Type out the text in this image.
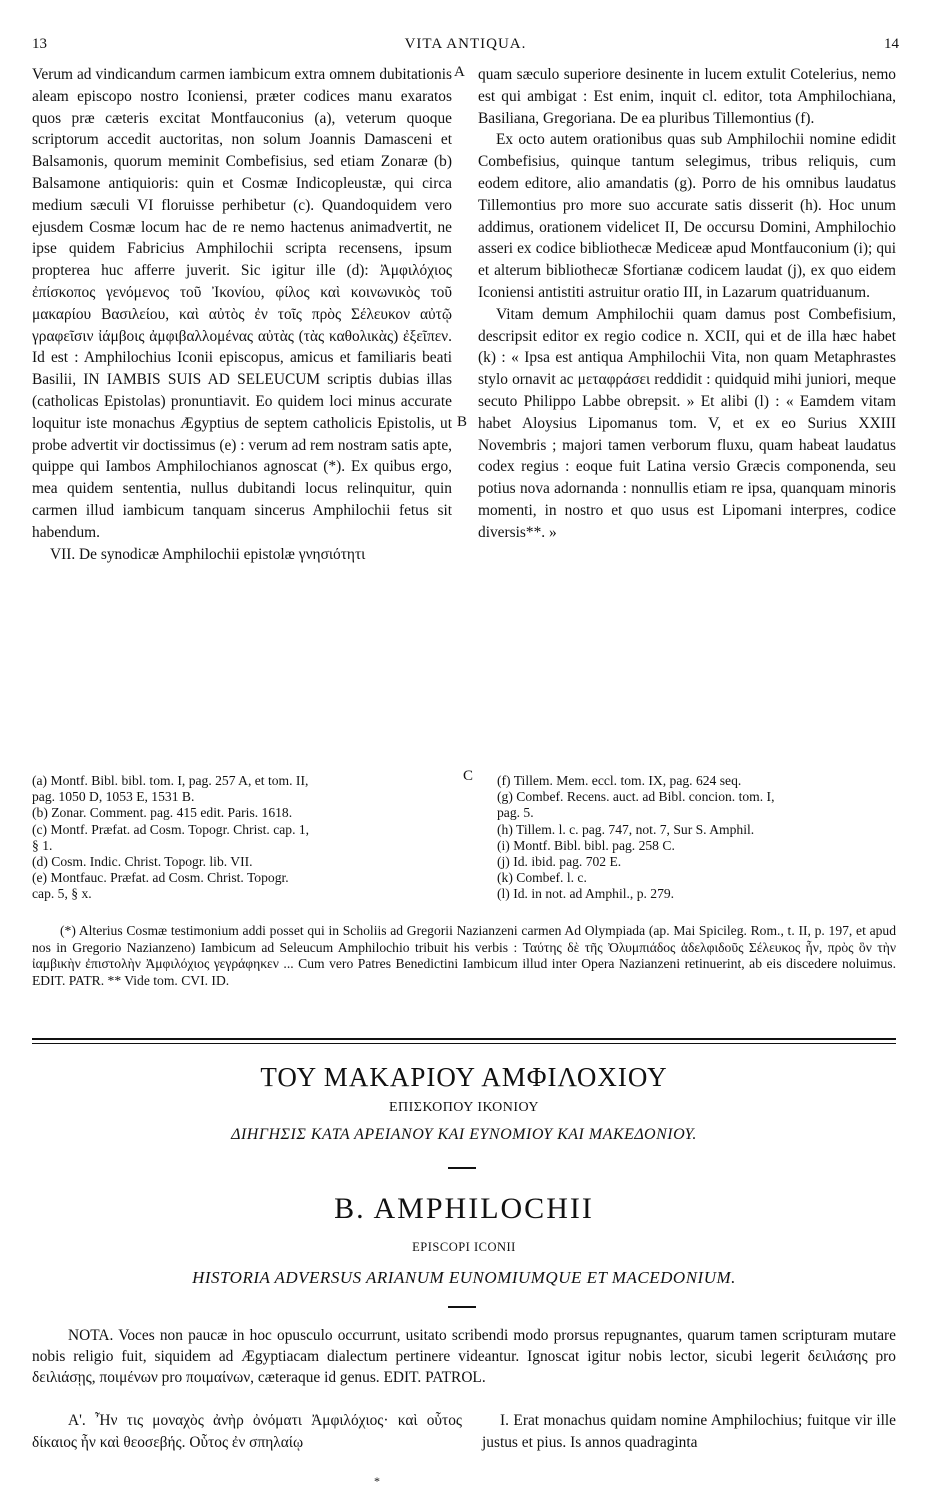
13	VITA ANTIQUA.	14

Verum ad vindicandum carmen iambicum extra omnem dubitationis aleam episcopo nostro Iconiensi, præter codices manu exaratos quos præ cæteris excitat Montfauconius (a), veterum quoque scriptorum accedit auctoritas, non solum Joannis Damasceni et Balsamonis, quorum meminit Combefisius, sed etiam Zonaræ (b) Balsamone antiquioris: quin et Cosmæ Indicopleustæ, qui circa medium sæculi VI floruisse perhibetur (c). Quandoquidem vero ejusdem Cosmæ locum hac de re nemo hactenus animadvertit, ne ipse quidem Fabricius Amphilochii scripta recensens, ipsum propterea huc afferre juverit. Sic igitur ille (d): Ἀμφιλόχιος ἐπίσκοπος γενόμενος τοῦ Ἰκονίου, φίλος καὶ κοινωνικὸς τοῦ μακαρίου Βασιλείου, καὶ αὐτὸς ἐν τοῖς πρὸς Σέλευκον αὐτῷ γραφεῖσιν ἰάμβοις ἀμφιβαλλομένας αὐτὰς (τὰς καθολικὰς) ἐξεῖπεν. Id est : Amphilochius Iconii episcopus, amicus et familiaris beati Basilii, IN IAMBIS SUIS AD SELEUCUM scriptis dubias illas (catholicas Epistolas) pronuntiavit. Eo quidem loci minus accurate loquitur iste monachus Ægyptius de septem catholicis Epistolis, ut probe advertit vir doctissimus (e) : verum ad rem nostram satis apte, quippe qui Iambos Amphilochianos agnoscat (*). Ex quibus ergo, mea quidem sententia, nullus dubitandi locus relinquitur, quin carmen illud iambicum tanquam sincerus Amphilochii fetus sit habendum.

VII. De synodicæ Amphilochii epistolæ γνησιότητι

A
B
C

quam sæculo superiore desinente in lucem extulit Cotelerius, nemo est qui ambigat : Est enim, inquit cl. editor, tota Amphilochiana, Basiliana, Gregoriana. De ea pluribus Tillemontius (f).

Ex octo autem orationibus quas sub Amphilochii nomine edidit Combefisius, quinque tantum selegimus, tribus reliquis, cum eodem editore, alio amandatis (g). Porro de his omnibus laudatus Tillemontius pro more suo accurate satis disserit (h). Hoc unum addimus, orationem videlicet II, De occursu Domini, Amphilochio asseri ex codice bibliothecæ Mediceæ apud Montfauconium (i); qui et alterum bibliothecæ Sfortianæ codicem laudat (j), ex quo eidem Iconiensi antistiti astruitur oratio III, in Lazarum quatriduanum.

Vitam demum Amphilochii quam damus post Combefisium, descripsit editor ex regio codice n. XCII, qui et de illa hæc habet (k) : « Ipsa est antiqua Amphilochii Vita, non quam Metaphrastes stylo ornavit ac μεταφράσει reddidit : quidquid mihi juniori, meque secuto Philippo Labbe obrepsit. » Et alibi (l) : « Eamdem vitam habet Aloysius Lipomanus tom. V, et ex eo Surius XXIII Novembris ; majori tamen verborum fluxu, quam habeat laudatus codex regius : eoque fuit Latina versio Græcis componenda, seu potius nova adornanda : nonnullis etiam re ipsa, quanquam minoris momenti, in nostro et quo usus est Lipomani interpres, codice diversis**. »

(a) Montf. Bibl. bibl. tom. I, pag. 257 A, et tom. II,
pag. 1050 D, 1053 E, 1531 B.
(b) Zonar. Comment. pag. 415 edit. Paris. 1618.
(c) Montf. Præfat. ad Cosm. Topogr. Christ. cap. 1,
§ 1.
(d) Cosm. Indic. Christ. Topogr. lib. VII.
(e) Montfauc. Præfat. ad Cosm. Christ. Topogr.
cap. 5, § x.
(f) Tillem. Mem. eccl. tom. IX, pag. 624 seq.
(g) Combef. Recens. auct. ad Bibl. concion. tom. I,
pag. 5.
(h) Tillem. l. c. pag. 747, not. 7, Sur S. Amphil.
(i) Montf. Bibl. bibl. pag. 258 C.
(j) Id. ibid. pag. 702 E.
(k) Combef. l. c.
(l) Id. in not. ad Amphil., p. 279.

(*) Alterius Cosmæ testimonium addi posset qui in Scholiis ad Gregorii Nazianzeni carmen Ad Olympiada (ap. Mai Spicileg. Rom., t. II, p. 197, et apud nos in Gregorio Nazianzeno) Iambicum ad Seleucum Amphilochio tribuit his verbis : Ταύτης δὲ τῆς Ὀλυμπιάδος ἀδελφιδοῦς Σέλευκος ἦν, πρὸς ὃν τὴν ἰαμβικὴν ἐπιστολὴν Ἀμφιλόχιος γεγράφηκεν ... Cum vero Patres Benedictini Iambicum illud inter Opera Nazianzeni retinuerint, ab eis discedere noluimus. EDIT. PATR. ** Vide tom. CVI. ID.

ΤΟΥ ΜΑΚΑΡΙΟΥ ΑΜΦΙΛΟΧΙΟΥ
ΕΠΙΣΚΟΠΟΥ ΙΚΟΝΙΟΥ
ΔΙΗΓΗΣΙΣ ΚΑΤΑ ΑΡΕΙΑΝΟΥ ΚΑΙ ΕΥΝΟΜΙΟΥ ΚΑΙ ΜΑΚΕΔΟΝΙΟΥ.
B. AMPHILOCHII
EPISCOPI ICONII
HISTORIA ADVERSUS ARIANUM EUNOMIUMQUE ET MACEDONIUM.

NOTA. Voces non paucæ in hoc opusculo occurrunt, usitato scribendi modo prorsus repugnantes, quarum tamen scripturam mutare nobis religio fuit, siquidem ad Ægyptiacam dialectum pertinere videantur. Ignoscat igitur nobis lector, sicubi legerit δειλιάσης pro δειλιάσῃς, ποιμένων pro ποιμαίνων, cæteraque id genus. EDIT. PATROL.

Α'. Ἦν τις μοναχὸς ἀνὴρ ὀνόματι Ἀμφιλόχιος· καὶ οὗτος δίκαιος ἦν καὶ θεοσεβής. Οὗτος ἐν σπηλαίῳ

I. Erat monachus quidam nomine Amphilochius; fuitque vir ille justus et pius. Is annos quadraginta

*
